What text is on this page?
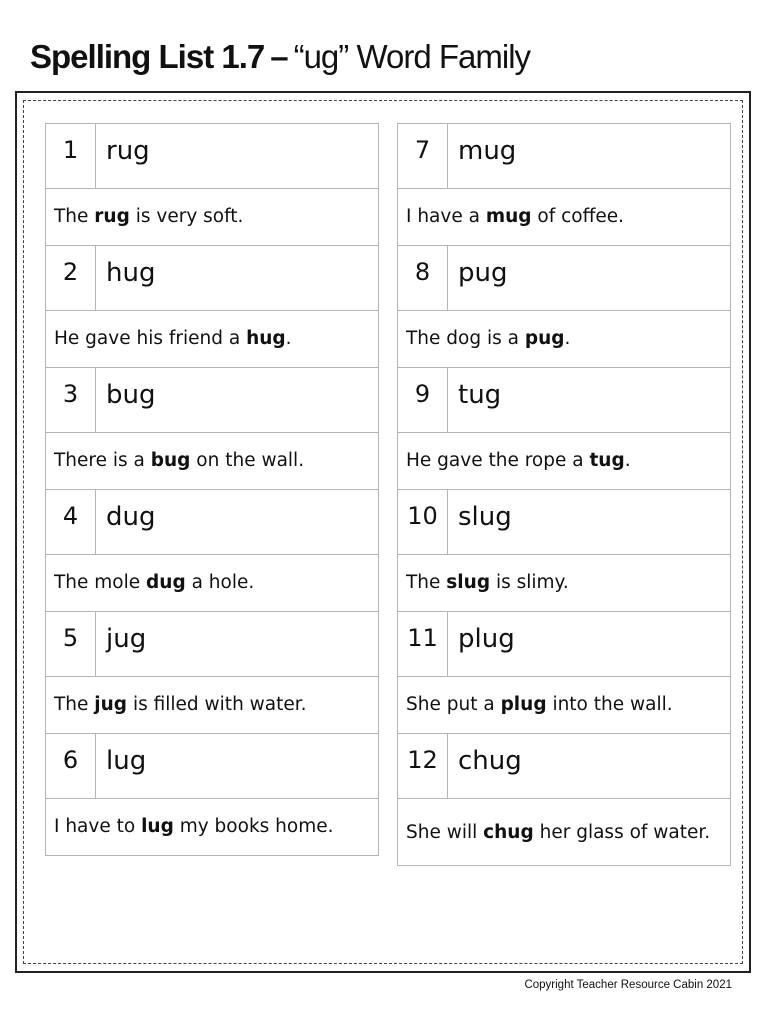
Spelling List 1.7 – “ug” Word Family
1	rug
The rug is very soft.
2	hug
He gave his friend a hug.
3	bug
There is a bug on the wall.
4	dug
The mole dug a hole.
5	jug
The jug is filled with water.
6	lug
I have to lug my books home.
7	mug
I have a mug of coffee.
8	pug
The dog is a pug.
9	tug
He gave the rope a tug.
10 slug
The slug is slimy.
11 plug
She put a plug into the wall.
12 chug
She will chug her glass of water.
Copyright Teacher Resource Cabin 2021
